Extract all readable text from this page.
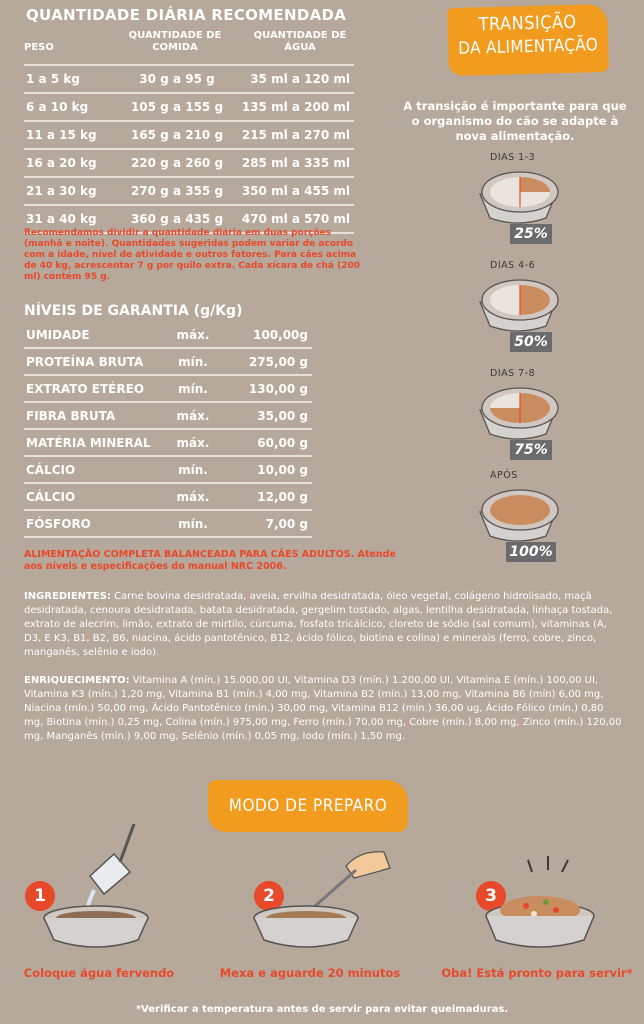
QUANTIDADE DIÁRIA RECOMENDADA
PESO
QUANTIDADE DE COMIDA
QUANTIDADE DE ÁGUA
1 a 5 kg	30 g a 95 g	35 ml a 120 ml
6 a 10 kg	105 g a 155 g	135 ml a 200 ml
11 a 15 kg	165 g a 210 g	215 ml a 270 ml
16 a 20 kg	220 g a 260 g	285 ml a 335 ml
21 a 30 kg	270 g a 355 g	350 ml a 455 ml
31 a 40 kg	360 g a 435 g	470 ml a 570 ml
Recomendamos dividir a quantidade diária em duas porções (manhã e noite). Quantidades sugeridas podem variar de acordo com a idade, nível de atividade e outros fatores. Para cães acima de 40 kg, acrescentar 7 g por quilo extra. Cada xícara de chá (200 ml) contém 95 g.
NÍVEIS DE GARANTIA (g/Kg)
UMIDADE	máx.	100,00g
PROTEÍNA BRUTA	mín.	275,00 g
EXTRATO ETÉREO	mín.	130,00 g
FIBRA BRUTA	máx.	35,00 g
MATÉRIA MINERAL	máx.	60,00 g
CÁLCIO	mín.	10,00 g
CÁLCIO	máx.	12,00 g
FÓSFORO	mín.	7,00 g
ALIMENTAÇÃO COMPLETA BALANCEADA PARA CÃES ADULTOS. Atende aos níveis e especificações do manual NRC 2006.
INGREDIENTES: Carne bovina desidratada, aveia, ervilha desidratada, óleo vegetal, colágeno hidrolisado, maçã desidratada, cenoura desidratada, batata desidratada, gergelim tostado, algas, lentilha desidratada, linhaça tostada, extrato de alecrim, limão, extrato de mirtilo, cúrcuma, fosfato tricálcico, cloreto de sódio (sal comum), vitaminas (A, D3, E K3, B1, B2, B6, niacina, ácido pantotênico, B12, ácido fólico, biotina e colina) e minerais (ferro, cobre, zinco, manganês, selênio e iodo).
ENRIQUECIMENTO: Vitamina A (mín.) 15.000,00 UI, Vitamina D3 (mín.) 1.200,00 UI, Vitamina E (mín.) 100,00 UI, Vitamina K3 (mín.) 1,20 mg, Vitamina B1 (mín.) 4,00 mg, Vitamina B2 (mín.) 13,00 mg, Vitamina B6 (mín) 6,00 mg, Niacina (mín.) 50,00 mg, Ácido Pantotênico (mín.) 30,00 mg, Vitamina B12 (mín.) 36,00 ug, Ácido Fólico (mín.) 0,80 mg, Biotina (mín.) 0,25 mg, Colina (mín.) 975,00 mg, Ferro (mín.) 70,00 mg, Cobre (mín.) 8,00 mg, Zinco (mín.) 120,00 mg, Manganês (mín.) 9,00 mg, Selênio (mín.) 0,05 mg, Iodo (mín.) 1,50 mg.
TRANSIÇÃO
DA ALIMENTAÇÃO
A transição é importante para que o organismo do cão se adapte à nova alimentação.
DIAS 1-3
25%
DIAS 4-6
50%
DIAS 7-8
75%
APÓS
100%
MODO DE PREPARO
1
Coloque água fervendo
2
Mexa e aguarde 20 minutos
3
Oba! Está pronto para servir*
*Verificar a temperatura antes de servir para evitar queimaduras.
